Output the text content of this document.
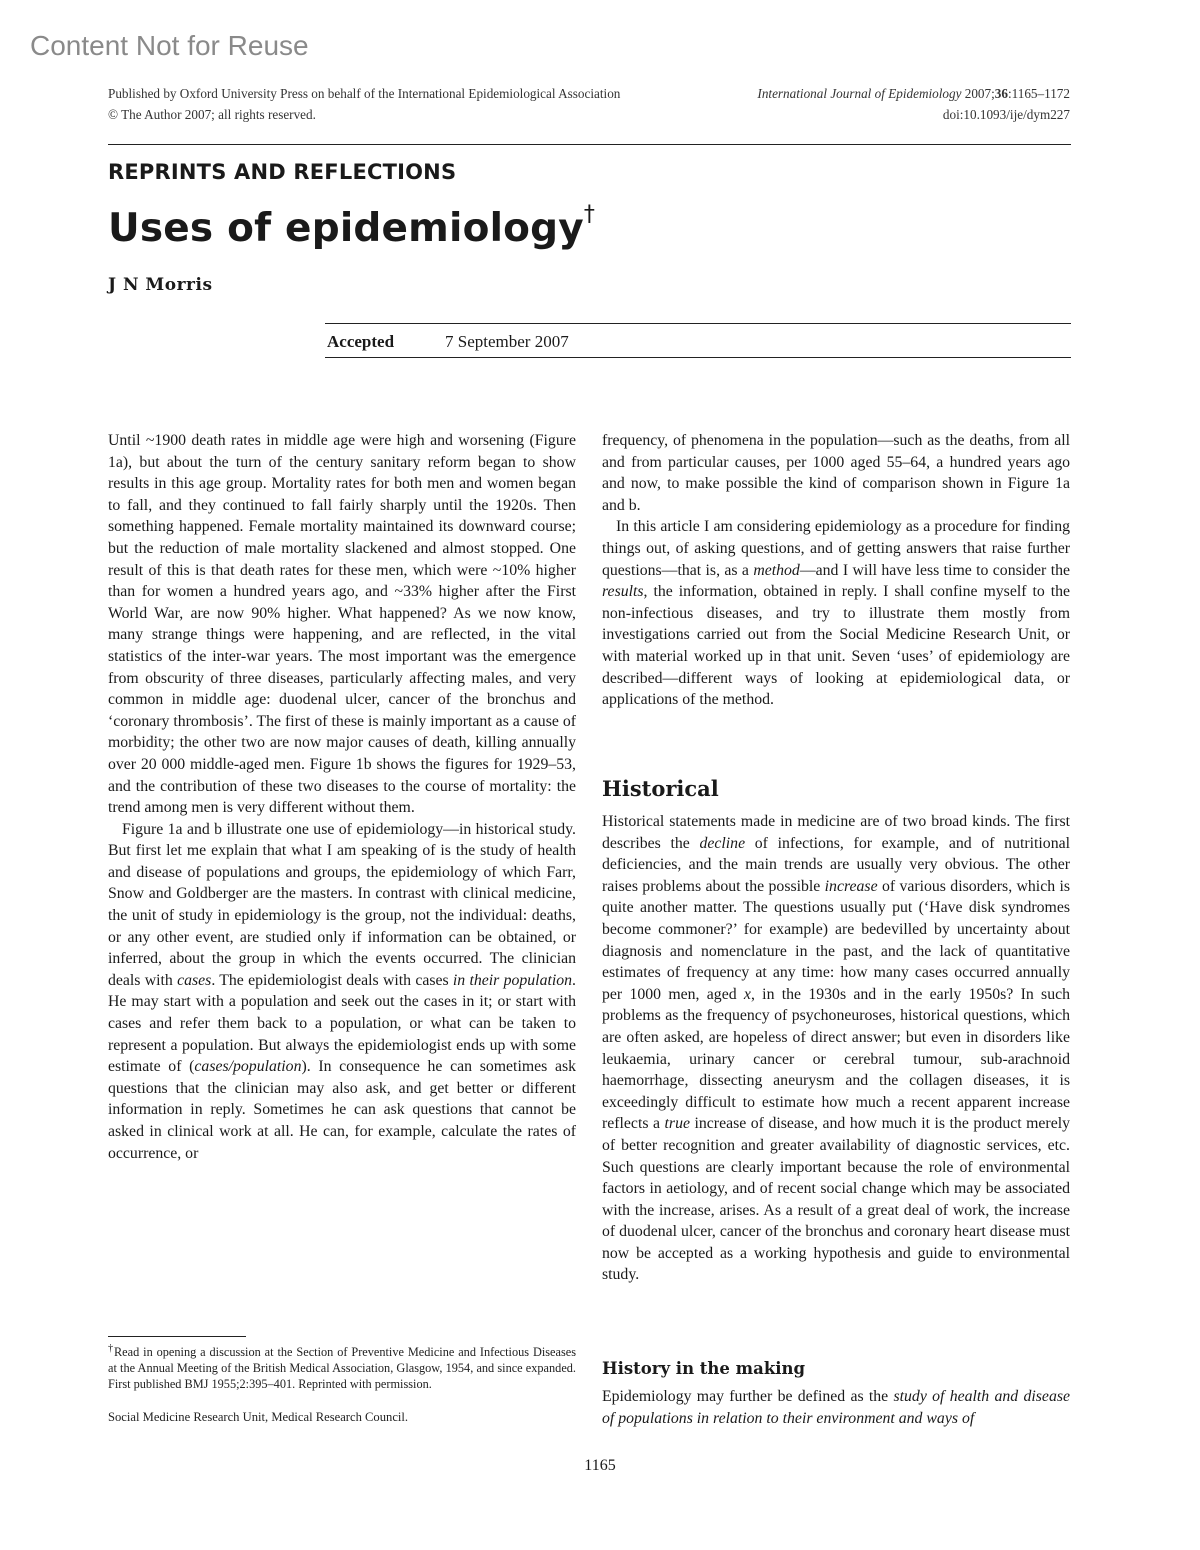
Content Not for Reuse
Published by Oxford University Press on behalf of the International Epidemiological Association
© The Author 2007; all rights reserved.
International Journal of Epidemiology 2007;36:1165–1172
doi:10.1093/ije/dym227
REPRINTS AND REFLECTIONS
Uses of epidemiology†
J N Morris
Accepted	7 September 2007

Until ~1900 death rates in middle age were high and worsening (Figure 1a), but about the turn of the century sanitary reform began to show results in this age group. Mortality rates for both men and women began to fall, and they continued to fall fairly sharply until the 1920s. Then something happened. Female mortality maintained its downward course; but the reduction of male mortality slackened and almost stopped. One result of this is that death rates for these men, which were ~10% higher than for women a hundred years ago, and ~33% higher after the First World War, are now 90% higher. What happened? As we now know, many strange things were happening, and are reflected, in the vital statistics of the inter-war years. The most important was the emergence from obscurity of three diseases, particularly affecting males, and very common in middle age: duodenal ulcer, cancer of the bronchus and ‘coronary thrombosis’. The first of these is mainly important as a cause of morbidity; the other two are now major causes of death, killing annually over 20 000 middle-aged men. Figure 1b shows the figures for 1929–53, and the contribution of these two diseases to the course of mortality: the trend among men is very different without them.

Figure 1a and b illustrate one use of epidemiology—in historical study. But first let me explain that what I am speaking of is the study of health and disease of populations and groups, the epidemiology of which Farr, Snow and Goldberger are the masters. In contrast with clinical medicine, the unit of study in epidemiology is the group, not the individual: deaths, or any other event, are studied only if information can be obtained, or inferred, about the group in which the events occurred. The clinician deals with cases. The epidemiologist deals with cases in their population. He may start with a population and seek out the cases in it; or start with cases and refer them back to a population, or what can be taken to represent a population. But always the epidemiologist ends up with some estimate of (cases/population). In consequence he can sometimes ask questions that the clinician may also ask, and get better or different information in reply. Sometimes he can ask questions that cannot be asked in clinical work at all. He can, for example, calculate the rates of occurrence, or

frequency, of phenomena in the population—such as the deaths, from all and from particular causes, per 1000 aged 55–64, a hundred years ago and now, to make possible the kind of comparison shown in Figure 1a and b.

In this article I am considering epidemiology as a procedure for finding things out, of asking questions, and of getting answers that raise further questions—that is, as a method—and I will have less time to consider the results, the information, obtained in reply. I shall confine myself to the non-infectious diseases, and try to illustrate them mostly from investigations carried out from the Social Medicine Research Unit, or with material worked up in that unit. Seven ‘uses’ of epidemiology are described—different ways of looking at epidemiological data, or applications of the method.

Historical

Historical statements made in medicine are of two broad kinds. The first describes the decline of infections, for example, and of nutritional deficiencies, and the main trends are usually very obvious. The other raises problems about the possible increase of various disorders, which is quite another matter. The questions usually put (‘Have disk syndromes become commoner?’ for example) are bedevilled by uncertainty about diagnosis and nomenclature in the past, and the lack of quantitative estimates of frequency at any time: how many cases occurred annually per 1000 men, aged x, in the 1930s and in the early 1950s? In such problems as the frequency of psychoneuroses, historical questions, which are often asked, are hopeless of direct answer; but even in disorders like leukaemia, urinary cancer or cerebral tumour, sub-arachnoid haemorrhage, dissecting aneurysm and the collagen diseases, it is exceedingly difficult to estimate how much a recent apparent increase reflects a true increase of disease, and how much it is the product merely of better recognition and greater availability of diagnostic services, etc. Such questions are clearly important because the role of environmental factors in aetiology, and of recent social change which may be associated with the increase, arises. As a result of a great deal of work, the increase of duodenal ulcer, cancer of the bronchus and coronary heart disease must now be accepted as a working hypothesis and guide to environmental study.

History in the making

Epidemiology may further be defined as the study of health and disease of populations in relation to their environment and ways of

†Read in opening a discussion at the Section of Preventive Medicine and Infectious Diseases at the Annual Meeting of the British Medical Association, Glasgow, 1954, and since expanded. First published BMJ 1955;2:395–401. Reprinted with permission.

Social Medicine Research Unit, Medical Research Council.
1165
